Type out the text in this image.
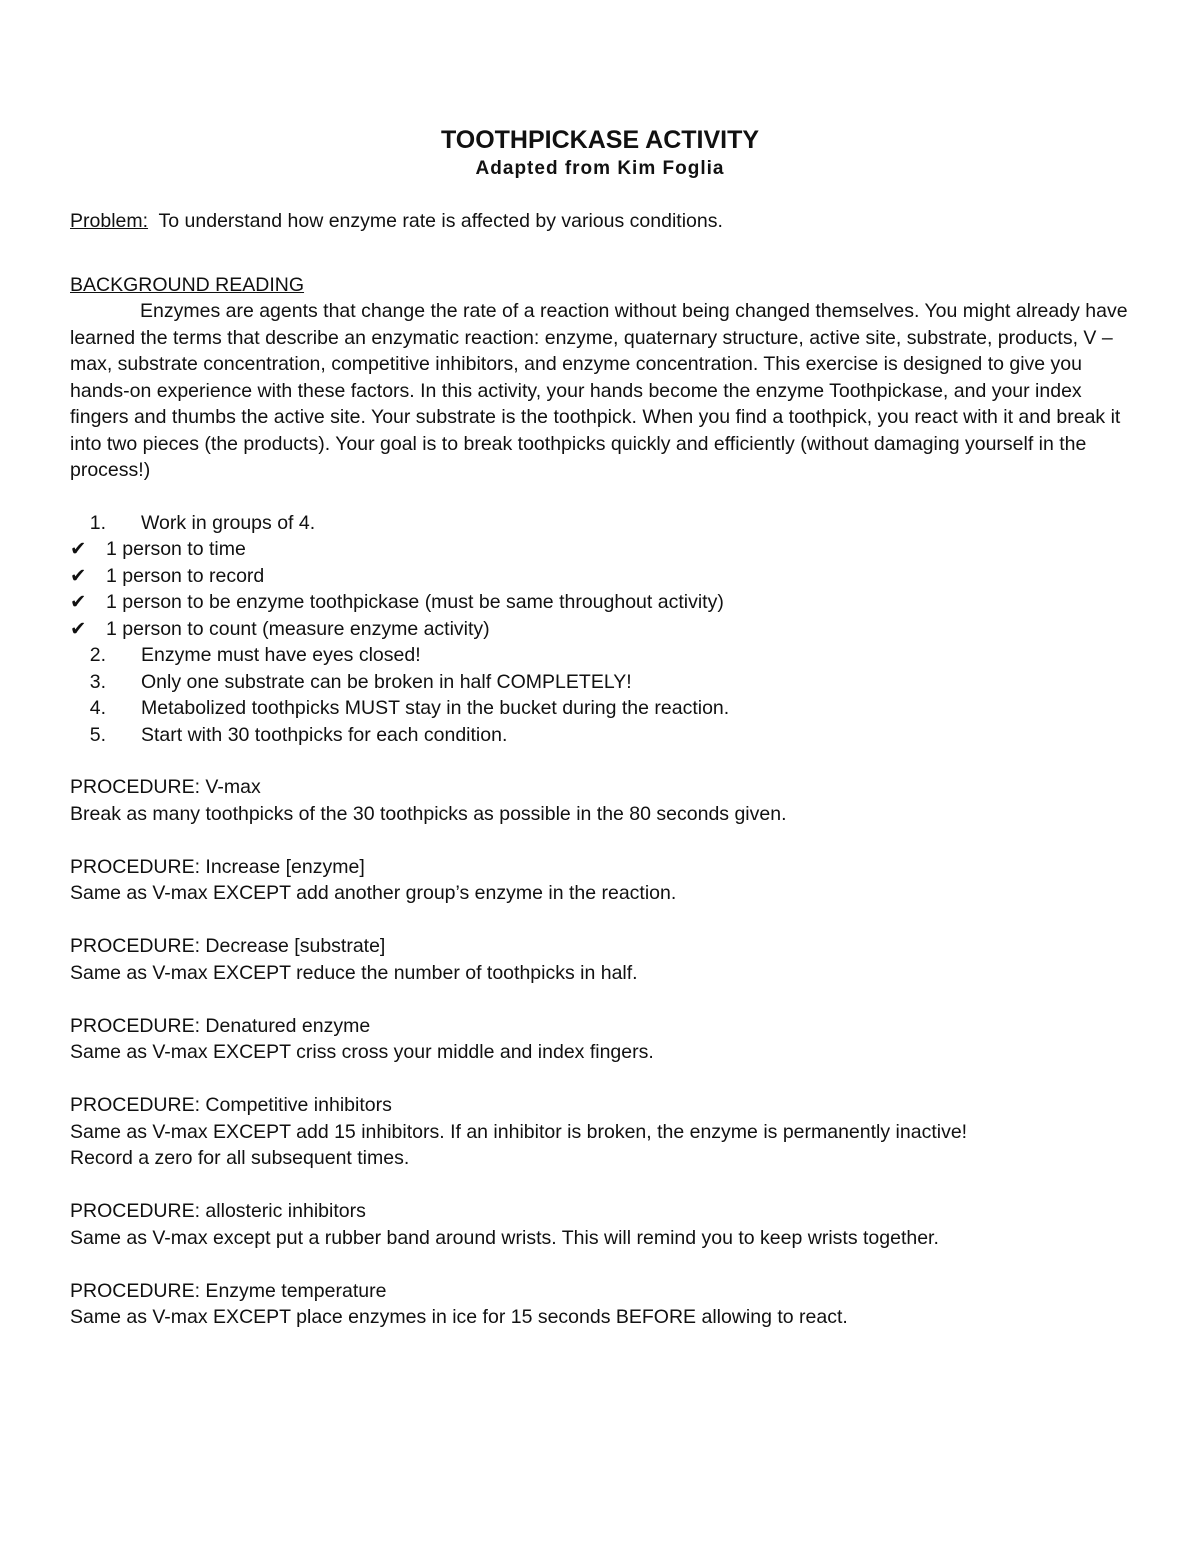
TOOTHPICKASE ACTIVITY

Adapted from Kim Foglia

Problem: To understand how enzyme rate is affected by various conditions.

BACKGROUND READING

Enzymes are agents that change the rate of a reaction without being changed themselves. You might already have learned the terms that describe an enzymatic reaction: enzyme, quaternary structure, active site, substrate, products, V – max, substrate concentration, competitive inhibitors, and enzyme concentration. This exercise is designed to give you hands-on experience with these factors. In this activity, your hands become the enzyme Toothpickase, and your index fingers and thumbs the active site. Your substrate is the toothpick. When you find a toothpick, you react with it and break it into two pieces (the products). Your goal is to break toothpicks quickly and efficiently (without damaging yourself in the process!)

1. Work in groups of 4.
✔ 1 person to time
✔ 1 person to record
✔ 1 person to be enzyme toothpickase (must be same throughout activity)
✔ 1 person to count (measure enzyme activity)
2. Enzyme must have eyes closed!
3. Only one substrate can be broken in half COMPLETELY!
4. Metabolized toothpicks MUST stay in the bucket during the reaction.
5. Start with 30 toothpicks for each condition.

PROCEDURE: V-max

Break as many toothpicks of the 30 toothpicks as possible in the 80 seconds given.

PROCEDURE: Increase [enzyme]

Same as V-max EXCEPT add another group’s enzyme in the reaction.

PROCEDURE: Decrease [substrate]

Same as V-max EXCEPT reduce the number of toothpicks in half.

PROCEDURE: Denatured enzyme

Same as V-max EXCEPT criss cross your middle and index fingers.

PROCEDURE: Competitive inhibitors

Same as V-max EXCEPT add 15 inhibitors. If an inhibitor is broken, the enzyme is permanently inactive!

Record a zero for all subsequent times.

PROCEDURE: allosteric inhibitors

Same as V-max except put a rubber band around wrists. This will remind you to keep wrists together.

PROCEDURE: Enzyme temperature

Same as V-max EXCEPT place enzymes in ice for 15 seconds BEFORE allowing to react.
